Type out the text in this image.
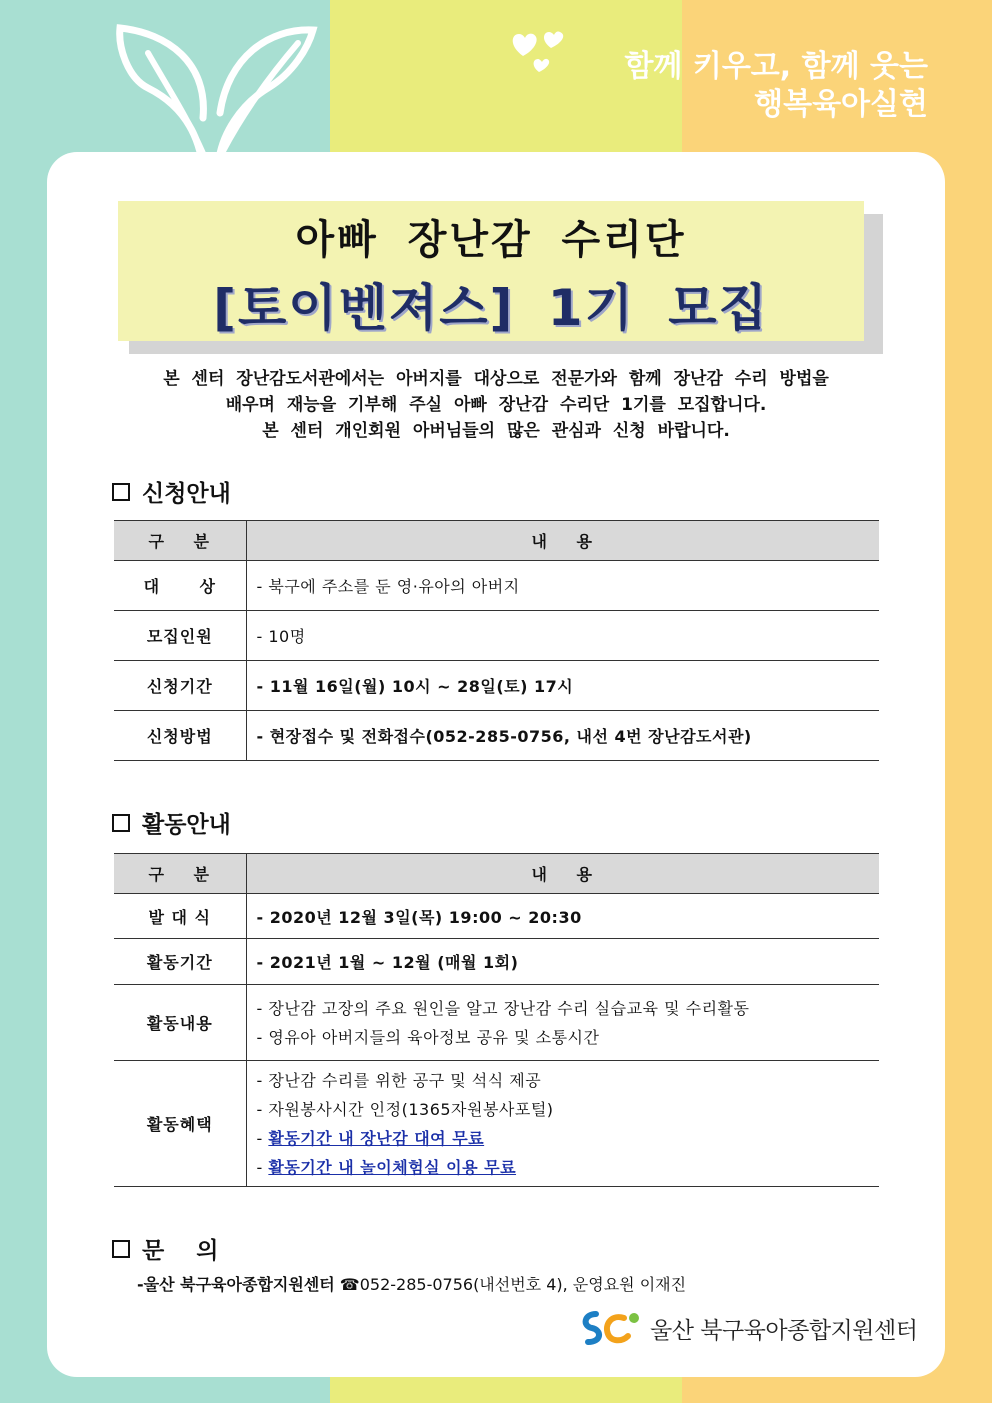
함께 키우고, 함께 웃는
행복육아실현
아빠 장난감 수리단
[토이벤져스] 1기 모집
본 센터 장난감도서관에서는 아버지를 대상으로 전문가와 함께 장난감 수리 방법을
배우며 재능을 기부해 주실 아빠 장난감 수리단 1기를 모집합니다.
본 센터 개인회원 아버님들의 많은 관심과 신청 바랍니다.
신청안내
구 분	내 용
대      상	- 북구에 주소를 둔 영·유아의 아버지
모집인원	- 10명
신청기간	- 11월 16일(월) 10시 ~ 28일(토) 17시
신청방법	- 현장접수 및 전화접수(052-285-0756, 내선 4번 장난감도서관)
활동안내
구 분	내 용
발 대 식	- 2020년 12월 3일(목) 19:00 ~ 20:30
활동기간	- 2021년 1월 ~ 12월 (매월 1회)
활동내용	- 장난감 고장의 주요 원인을 알고 장난감 수리 실습교육 및 수리활동
- 영유아 아버지들의 육아정보 공유 및 소통시간

활동혜택	- 장난감 수리를 위한 공구 및 석식 제공
- 자원봉사시간 인정(1365자원봉사포털)
- 활동기간 내 장난감 대여 무료
- 활동기간 내 놀이체험실 이용 무료
문    의
-울산 북구육아종합지원센터 ☎052-285-0756(내선번호 4), 운영요원 이재진
울산 북구육아종합지원센터
